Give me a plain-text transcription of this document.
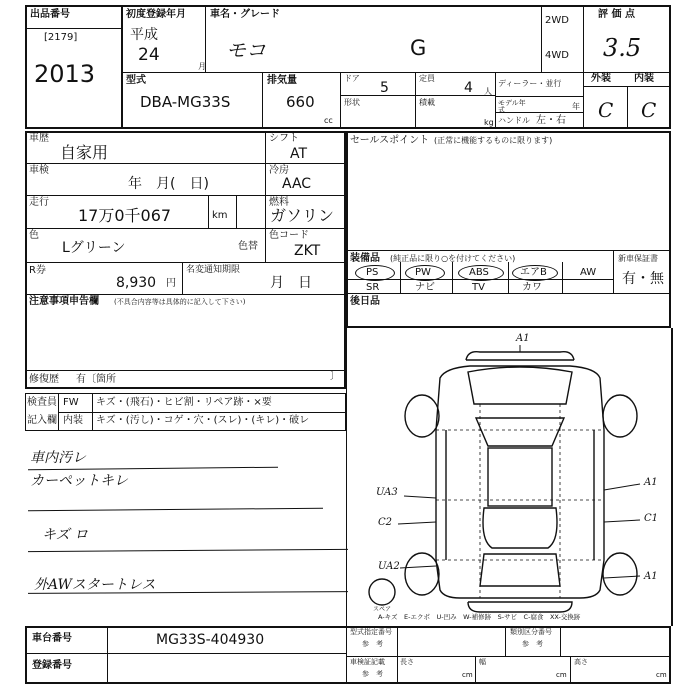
出品番号
[2179]
2013
初度登録年月
平成
24
月
車名・グレード
モコ	G
2WD
4WD
評 価 点
3.5
型式
DBA-MG33S
排気量
660
cc
ドア
5
定員
4 人
形状	積載
kg
ディーラー・並行
モデル年式	年
ハンドル 左・右
外装 内装
C C
車歴
自家用
シフト
AT
車検
年　月(　日)
冷房
AAC
走行
17万0千067	km
燃料
ガソリン
色
Lグリーン	色替
色コード
ZKT
R券
8,930 円
名変通知期限
月　日
注意事項申告欄 (不具合内容等は具体的に記入して下さい)
修復歴 有〔箇所	〕
セールスポイント (正常に機能するものに限ります)
装備品 (純正品に限り○を付けてください)	新車保証書
有・無
PS	PW	ABS	エアB	AW
SR	ナビ	TV	カワ
後日品
検査員
記入欄
FW キズ・(飛石)・ヒビ割・リペア跡・×要
内装 キズ・(汚し)・コゲ・穴・(スレ)・(キレ)・破レ
車内汚レ
カーペットキレ
キズ ロ
外AWスタートレス
A1
UA3
C2
UA2
A1
C1
A1
スペア
A-キズ　E-エクボ　U-凹み　W-補修跡　S-サビ　C-腐食　XX-交換跡
車台番号	MG33S-404930
登録番号
型式指定番号
参　考
類別区分番号
参　考
車検証記載
参　考
長さ
cm
幅
cm
高さ
cm
